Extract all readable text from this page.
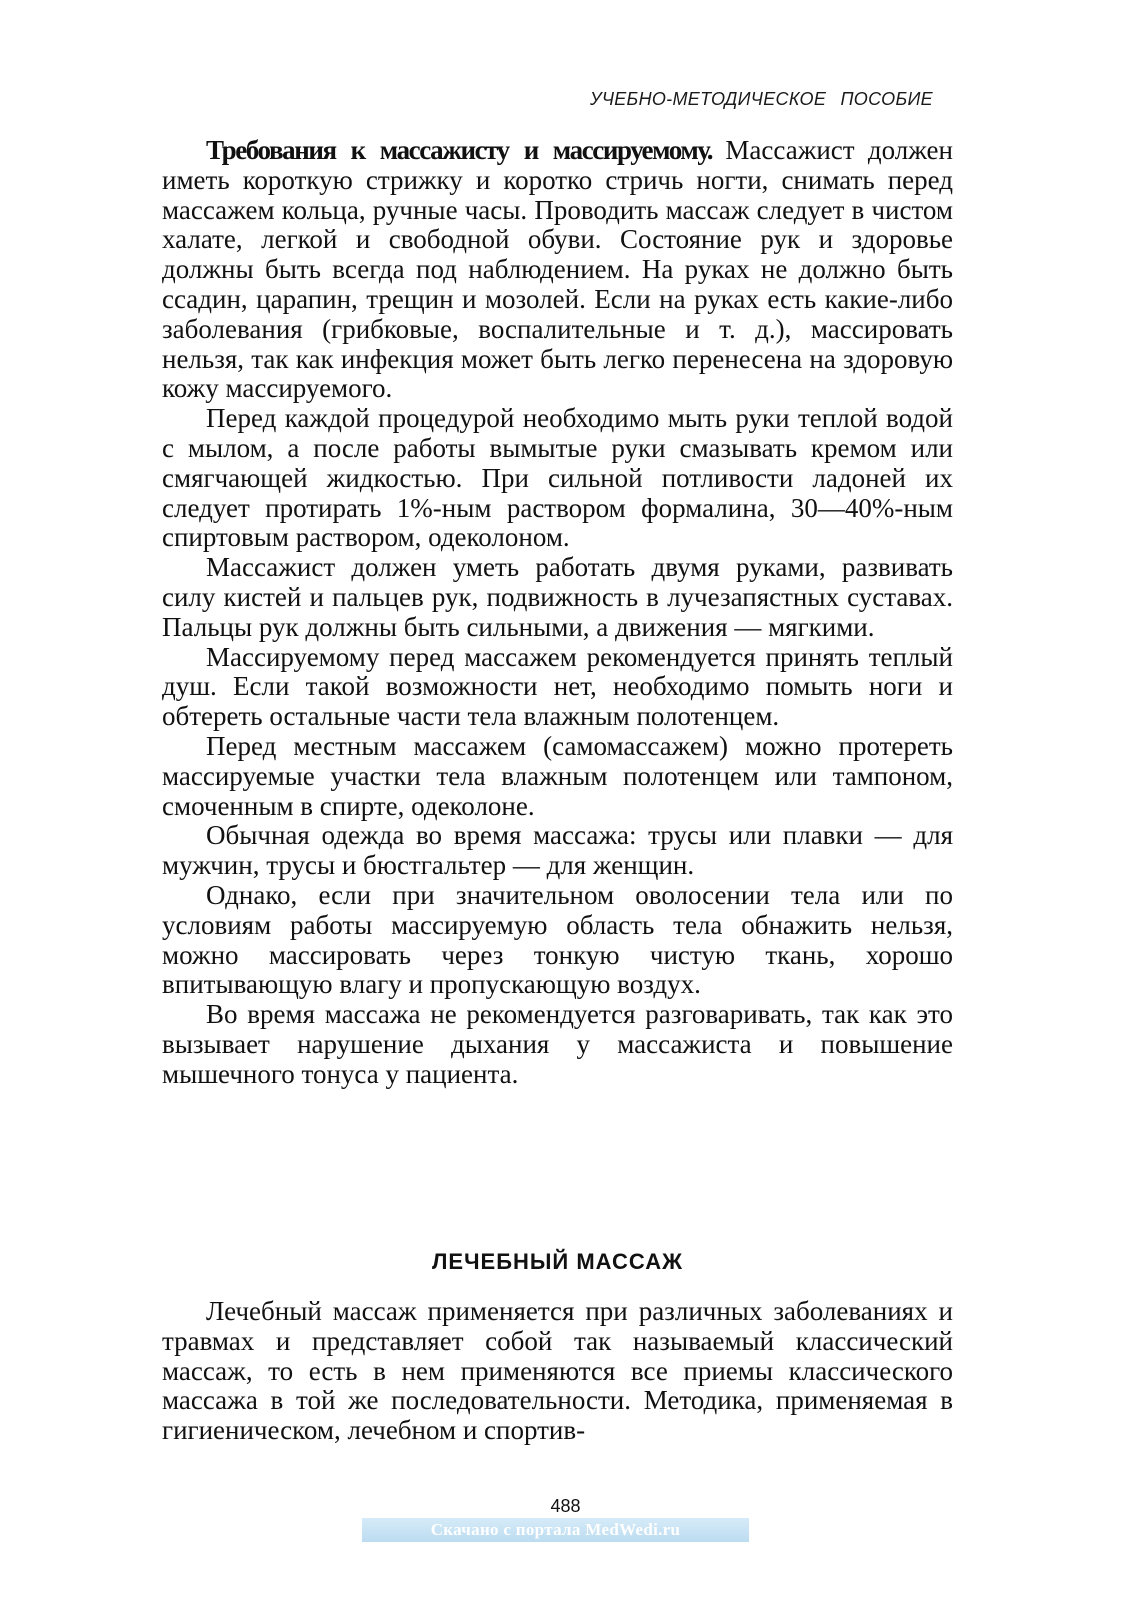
УЧЕБНО-МЕТОДИЧЕСКОЕ ПОСОБИЕ

Требования к массажисту и массируемому. Массажист должен иметь короткую стрижку и коротко стричь ногти, снимать перед массажем кольца, ручные часы. Проводить массаж следует в чистом халате, легкой и свободной обуви. Состояние рук и здоровье должны быть всегда под наблюдением. На руках не должно быть ссадин, царапин, трещин и мозолей. Если на руках есть какие-либо заболевания (грибковые, воспалительные и т. д.), массировать нельзя, так как инфекция может быть легко перенесена на здоровую кожу массируемого.

Перед каждой процедурой необходимо мыть руки теплой водой с мылом, а после работы вымытые руки смазывать кремом или смягчающей жидкостью. При сильной потливости ладоней их следует протирать 1%-ным раствором формалина, 30—40%-ным спиртовым раствором, одеколоном.

Массажист должен уметь работать двумя руками, развивать силу кистей и пальцев рук, подвижность в лучезапястных суставах. Пальцы рук должны быть сильными, а движения — мягкими.

Массируемому перед массажем рекомендуется принять теплый душ. Если такой возможности нет, необходимо помыть ноги и обтереть остальные части тела влажным полотенцем.

Перед местным массажем (самомассажем) можно протереть массируемые участки тела влажным полотенцем или тампоном, смоченным в спирте, одеколоне.

Обычная одежда во время массажа: трусы или плавки — для мужчин, трусы и бюстгальтер — для женщин.

Однако, если при значительном оволосении тела или по условиям работы массируемую область тела обнажить нельзя, можно массировать через тонкую чистую ткань, хорошо впитывающую влагу и пропускающую воздух.

Во время массажа не рекомендуется разговаривать, так как это вызывает нарушение дыхания у массажиста и повышение мышечного тонуса у пациента.

ЛЕЧЕБНЫЙ МАССАЖ

Лечебный массаж применяется при различных заболеваниях и травмах и представляет собой так называемый классический массаж, то есть в нем применяются все приемы классического массажа в той же последовательности. Методика, применяемая в гигиеническом, лечебном и спортив-

488
Скачано с портала MedWedi.ru
